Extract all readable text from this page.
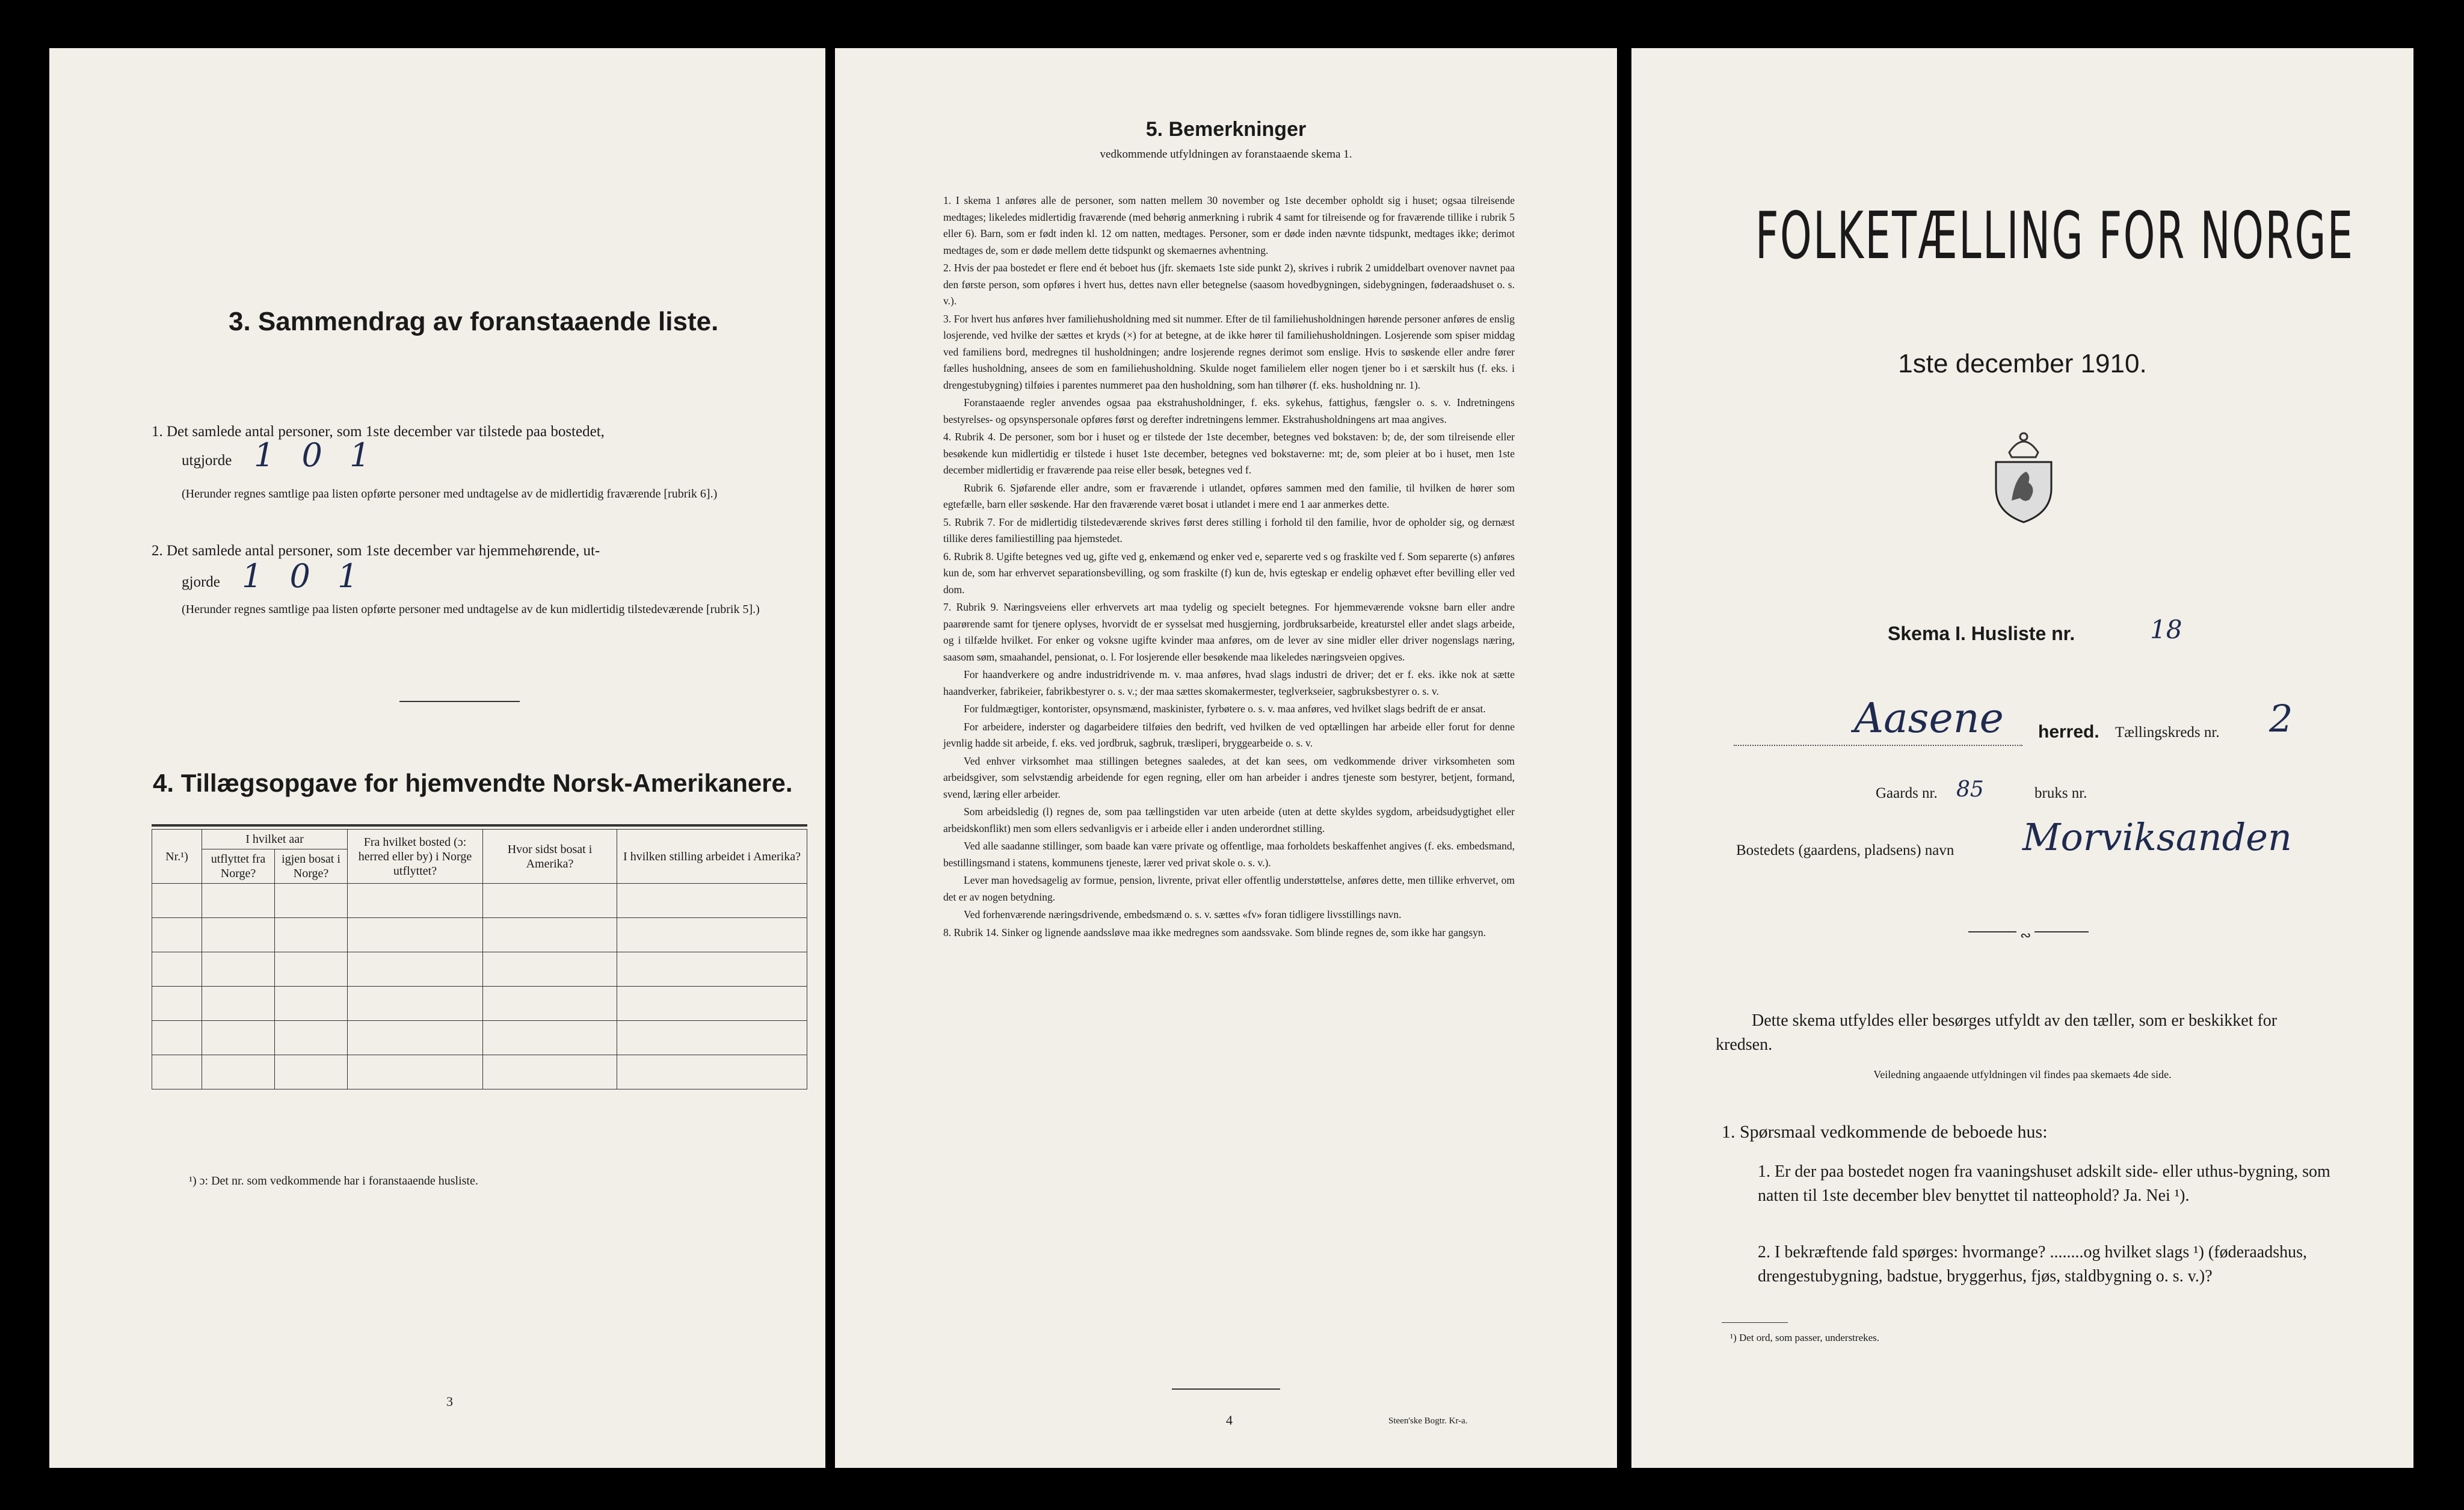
3. Sammendrag av foranstaaende liste.
1. Det samlede antal personer, som 1ste december var tilstede paa bostedet,
utgjorde 1 0 1
(Herunder regnes samtlige paa listen opførte personer med undtagelse av de midlertidig fraværende [rubrik 6].)
2. Det samlede antal personer, som 1ste december var hjemmehørende, ut-
gjorde 1 0 1
(Herunder regnes samtlige paa listen opførte personer med undtagelse av de kun midlertidig tilstedeværende [rubrik 5].)
4. Tillægsopgave for hjemvendte Norsk-Amerikanere.
Nr.¹)	I hvilket aar		Fra hvilket bosted (ɔ: herred eller by) i Norge utflyttet?	Hvor sidst bosat i Amerika?	I hvilken stilling arbeidet i Amerika?
	utflyttet fra Norge?	igjen bosat i Norge?			

¹) ɔ: Det nr. som vedkommende har i foranstaaende husliste.
3
5. Bemerkninger
vedkommende utfyldningen av foranstaaende skema 1.

1. I skema 1 anføres alle de personer, som natten mellem 30 november og 1ste december opholdt sig i huset; ogsaa tilreisende medtages; likeledes midlertidig fraværende (med behørig anmerkning i rubrik 4 samt for tilreisende og for fraværende tillike i rubrik 5 eller 6). Barn, som er født inden kl. 12 om natten, medtages. Personer, som er døde inden nævnte tidspunkt, medtages ikke; derimot medtages de, som er døde mellem dette tidspunkt og skemaernes avhentning.

2. Hvis der paa bostedet er flere end ét beboet hus (jfr. skemaets 1ste side punkt 2), skrives i rubrik 2 umiddelbart ovenover navnet paa den første person, som opføres i hvert hus, dettes navn eller betegnelse (saasom hovedbygningen, sidebygningen, føderaadshuset o. s. v.).

3. For hvert hus anføres hver familiehusholdning med sit nummer. Efter de til familiehusholdningen hørende personer anføres de enslig losjerende, ved hvilke der sættes et kryds (×) for at betegne, at de ikke hører til familiehusholdningen. Losjerende som spiser middag ved familiens bord, medregnes til husholdningen; andre losjerende regnes derimot som enslige. Hvis to søskende eller andre fører fælles husholdning, ansees de som en familiehusholdning. Skulde noget familielem eller nogen tjener bo i et særskilt hus (f. eks. i drengestubygning) tilføies i parentes nummeret paa den husholdning, som han tilhører (f. eks. husholdning nr. 1).

Foranstaaende regler anvendes ogsaa paa ekstrahusholdninger, f. eks. sykehus, fattighus, fængsler o. s. v. Indretningens bestyrelses- og opsynspersonale opføres først og derefter indretningens lemmer. Ekstrahusholdningens art maa angives.

4. Rubrik 4. De personer, som bor i huset og er tilstede der 1ste december, betegnes ved bokstaven: b; de, der som tilreisende eller besøkende kun midlertidig er tilstede i huset 1ste december, betegnes ved bokstaverne: mt; de, som pleier at bo i huset, men 1ste december midlertidig er fraværende paa reise eller besøk, betegnes ved f.

Rubrik 6. Sjøfarende eller andre, som er fraværende i utlandet, opføres sammen med den familie, til hvilken de hører som egtefælle, barn eller søskende. Har den fraværende været bosat i utlandet i mere end 1 aar anmerkes dette.

5. Rubrik 7. For de midlertidig tilstedeværende skrives først deres stilling i forhold til den familie, hvor de opholder sig, og dernæst tillike deres familiestilling paa hjemstedet.

6. Rubrik 8. Ugifte betegnes ved ug, gifte ved g, enkemænd og enker ved e, separerte ved s og fraskilte ved f. Som separerte (s) anføres kun de, som har erhvervet separationsbevilling, og som fraskilte (f) kun de, hvis egteskap er endelig ophævet efter bevilling eller ved dom.

7. Rubrik 9. Næringsveiens eller erhvervets art maa tydelig og specielt betegnes. For hjemmeværende voksne barn eller andre paarørende samt for tjenere oplyses, hvorvidt de er sysselsat med husgjerning, jordbruksarbeide, kreaturstel eller andet slags arbeide, og i tilfælde hvilket. For enker og voksne ugifte kvinder maa anføres, om de lever av sine midler eller driver nogenslags næring, saasom søm, smaahandel, pensionat, o. l. For losjerende eller besøkende maa likeledes næringsveien opgives.

For haandverkere og andre industridrivende m. v. maa anføres, hvad slags industri de driver; det er f. eks. ikke nok at sætte haandverker, fabrikeier, fabrikbestyrer o. s. v.; der maa sættes skomakermester, teglverkseier, sagbruksbestyrer o. s. v.

For fuldmægtiger, kontorister, opsynsmænd, maskinister, fyrbøtere o. s. v. maa anføres, ved hvilket slags bedrift de er ansat.

For arbeidere, inderster og dagarbeidere tilføies den bedrift, ved hvilken de ved optællingen har arbeide eller forut for denne jevnlig hadde sit arbeide, f. eks. ved jordbruk, sagbruk, træsliperi, bryggearbeide o. s. v.

Ved enhver virksomhet maa stillingen betegnes saaledes, at det kan sees, om vedkommende driver virksomheten som arbeidsgiver, som selvstændig arbeidende for egen regning, eller om han arbeider i andres tjeneste som bestyrer, betjent, formand, svend, læring eller arbeider.

Som arbeidsledig (l) regnes de, som paa tællingstiden var uten arbeide (uten at dette skyldes sygdom, arbeidsudygtighet eller arbeidskonflikt) men som ellers sedvanligvis er i arbeide eller i anden underordnet stilling.

Ved alle saadanne stillinger, som baade kan være private og offentlige, maa forholdets beskaffenhet angives (f. eks. embedsmand, bestillingsmand i statens, kommunens tjeneste, lærer ved privat skole o. s. v.).

Lever man hovedsagelig av formue, pension, livrente, privat eller offentlig understøttelse, anføres dette, men tillike erhvervet, om det er av nogen betydning.

Ved forhenværende næringsdrivende, embedsmænd o. s. v. sættes «fv» foran tidligere livsstillings navn.

8. Rubrik 14. Sinker og lignende aandssløve maa ikke medregnes som aandssvake. Som blinde regnes de, som ikke har gangsyn.

4	Steen'ske Bogtr. Kr-a.
FOLKETÆLLING FOR NORGE
1ste december 1910.
Skema I. Husliste nr.	18
Aasene herred. Tællingskreds nr. 2
Gaards nr. 85	bruks nr.
Bostedets (gaardens, pladsens) navn Morviksanden
∾
Dette skema utfyldes eller besørges utfyldt av den tæller, som er beskikket for kredsen.
Veiledning angaaende utfyldningen vil findes paa skemaets 4de side.
1. Spørsmaal vedkommende de beboede hus:
1. Er der paa bostedet nogen fra vaaningshuset adskilt side- eller uthus-bygning, som natten til 1ste december blev benyttet til natteophold? Ja. Nei ¹).
2. I bekræftende fald spørges: hvormange? ........og hvilket slags ¹) (føderaadshus, drengestubygning, badstue, bryggerhus, fjøs, staldbygning o. s. v.)?
¹) Det ord, som passer, understrekes.
